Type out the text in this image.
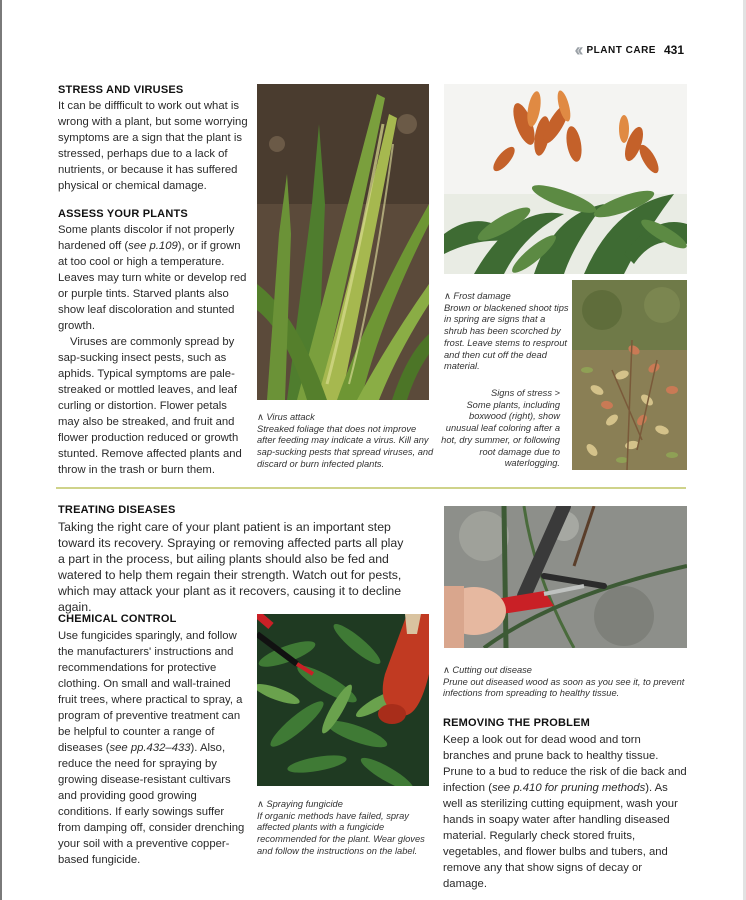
‹‹ PLANT CARE 431
STRESS AND VIRUSES

It can be diffficult to work out what is wrong with a plant, but some worrying symptoms are a sign that the plant is stressed, perhaps due to a lack of nutrients, or because it has suffered physical or chemical damage.

ASSESS YOUR PLANTS

Some plants discolor if not properly hardened off (see p.109), or if grown at too cool or high a temperature. Leaves may turn white or develop red or purple tints. Starved plants also show leaf discoloration and stunted growth.

Viruses are commonly spread by sap-sucking insect pests, such as aphids. Typical symptoms are pale-streaked or mottled leaves, and leaf curling or distortion. Flower petals may also be streaked, and fruit and flower production reduced or growth stunted. Remove affected plants and throw in the trash or burn them.

∧ Virus attack
Streaked foliage that does not improve after feeding may indicate a virus. Kill any sap-sucking pests that spread viruses, and discard or burn infected plants.
∧ Frost damage
Brown or blackened shoot tips in spring are signs that a shrub has been scorched by frost. Leave stems to resprout and then cut off the dead material.
Signs of stress >
Some plants, including boxwood (right), show unusual leaf coloring after a hot, dry summer, or following root damage due to waterlogging.
TREATING DISEASES

Taking the right care of your plant patient is an important step toward its recovery. Spraying or removing affected parts all play a part in the process, but ailing plants should also be fed and watered to help them regain their strength. Watch out for pests, which may attack your plant as it recovers, causing it to decline again.

∧ Cutting out disease
Prune out diseased wood as soon as you see it, to prevent infections from spreading to healthy tissue.
CHEMICAL CONTROL

Use fungicides sparingly, and follow the manufacturers' instructions and recommendations for protective clothing. On small and wall-trained fruit trees, where practical to spray, a program of preventive treatment can be helpful to counter a range of diseases (see pp.432–433). Also, reduce the need for spraying by growing disease-resistant cultivars and providing good growing conditions. If early sowings suffer from damping off, consider drenching your soil with a preventive copper-based fungicide.

∧ Spraying fungicide
If organic methods have failed, spray affected plants with a fungicide recommended for the plant. Wear gloves and follow the instructions on the label.
REMOVING THE PROBLEM

Keep a look out for dead wood and torn branches and prune back to healthy tissue. Prune to a bud to reduce the risk of die back and infection (see p.410 for pruning methods). As well as sterilizing cutting equipment, wash your hands in soapy water after handling diseased material. Regularly check stored fruits, vegetables, and flower bulbs and tubers, and remove any that show signs of decay or damage.
